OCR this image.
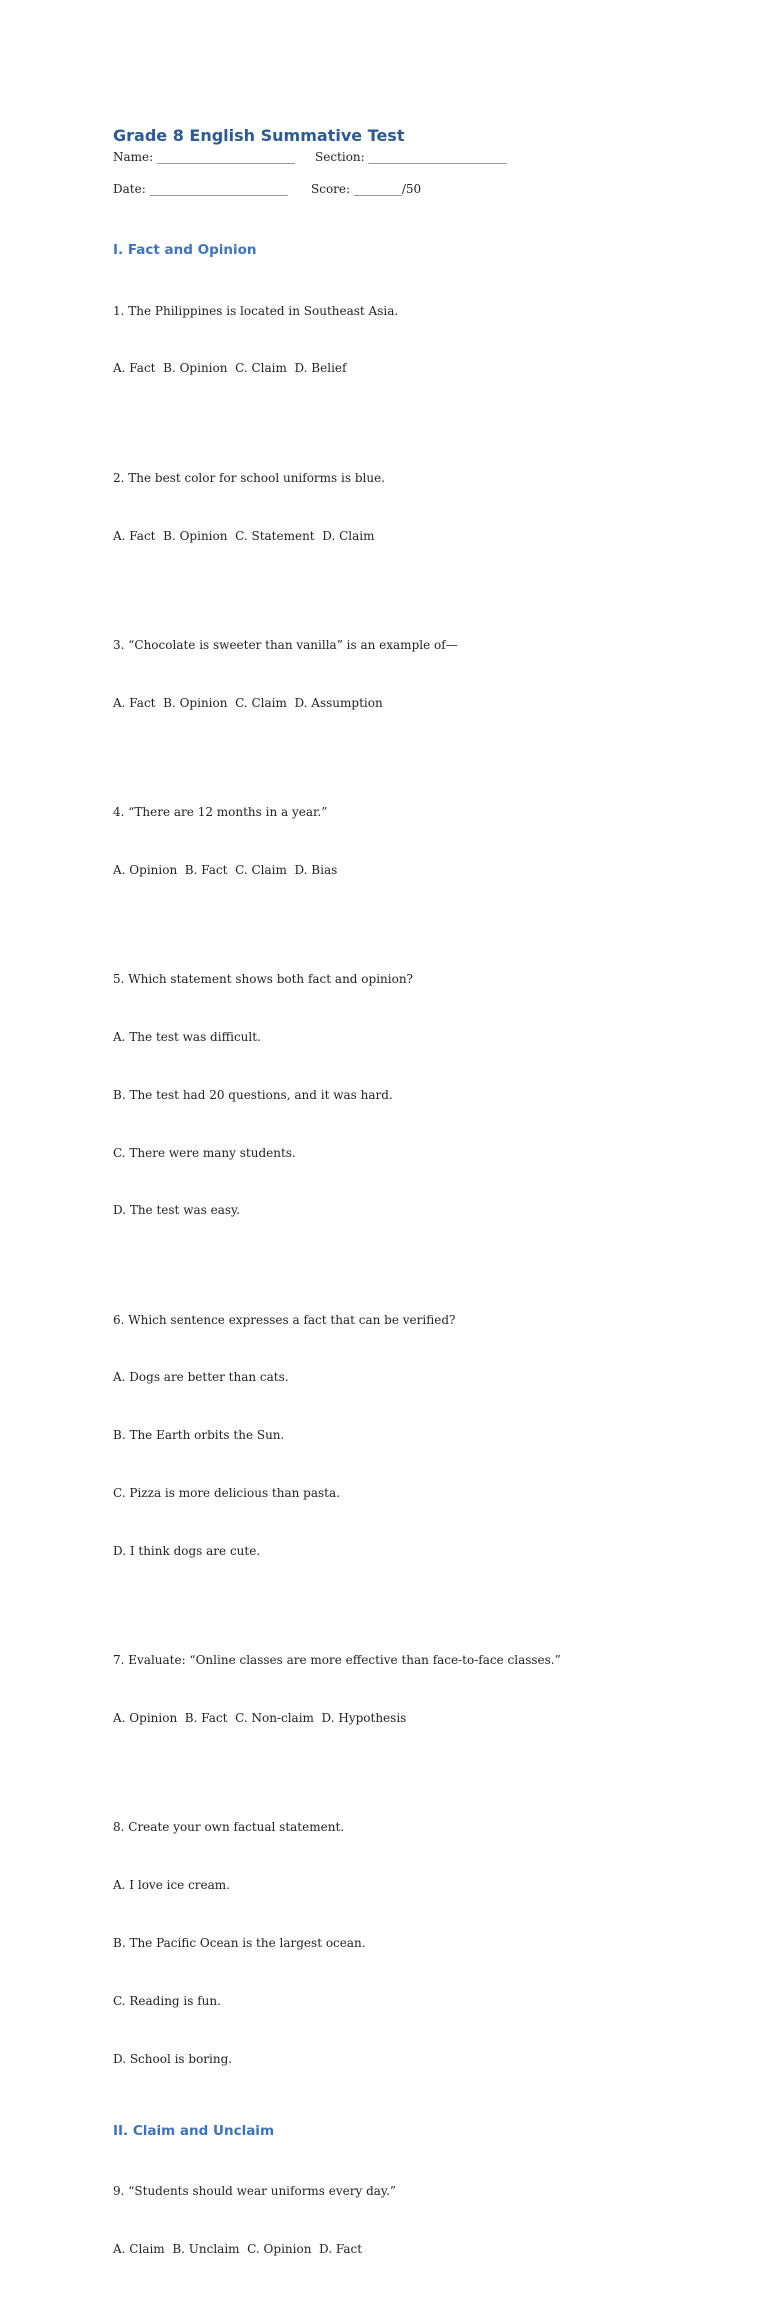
Grade 8 English Summative Test
Name: _______________________ Section: _______________________
Date: _______________________	Score: ________/50
I. Fact and Opinion

1. The Philippines is located in Southeast Asia.

A. Fact  B. Opinion  C. Claim  D. Belief

2. The best color for school uniforms is blue.

A. Fact  B. Opinion  C. Statement  D. Claim

3. “Chocolate is sweeter than vanilla” is an example of—

A. Fact  B. Opinion  C. Claim  D. Assumption

4. “There are 12 months in a year.”

A. Opinion  B. Fact  C. Claim  D. Bias

5. Which statement shows both fact and opinion?

A. The test was difficult.

B. The test had 20 questions, and it was hard.

C. There were many students.

D. The test was easy.

6. Which sentence expresses a fact that can be verified?

A. Dogs are better than cats.

B. The Earth orbits the Sun.

C. Pizza is more delicious than pasta.

D. I think dogs are cute.

7. Evaluate: “Online classes are more effective than face-to-face classes.”

A. Opinion  B. Fact  C. Non-claim  D. Hypothesis

8. Create your own factual statement.

A. I love ice cream.

B. The Pacific Ocean is the largest ocean.

C. Reading is fun.

D. School is boring.

II. Claim and Unclaim

9. “Students should wear uniforms every day.”

A. Claim  B. Unclaim  C. Opinion  D. Fact
